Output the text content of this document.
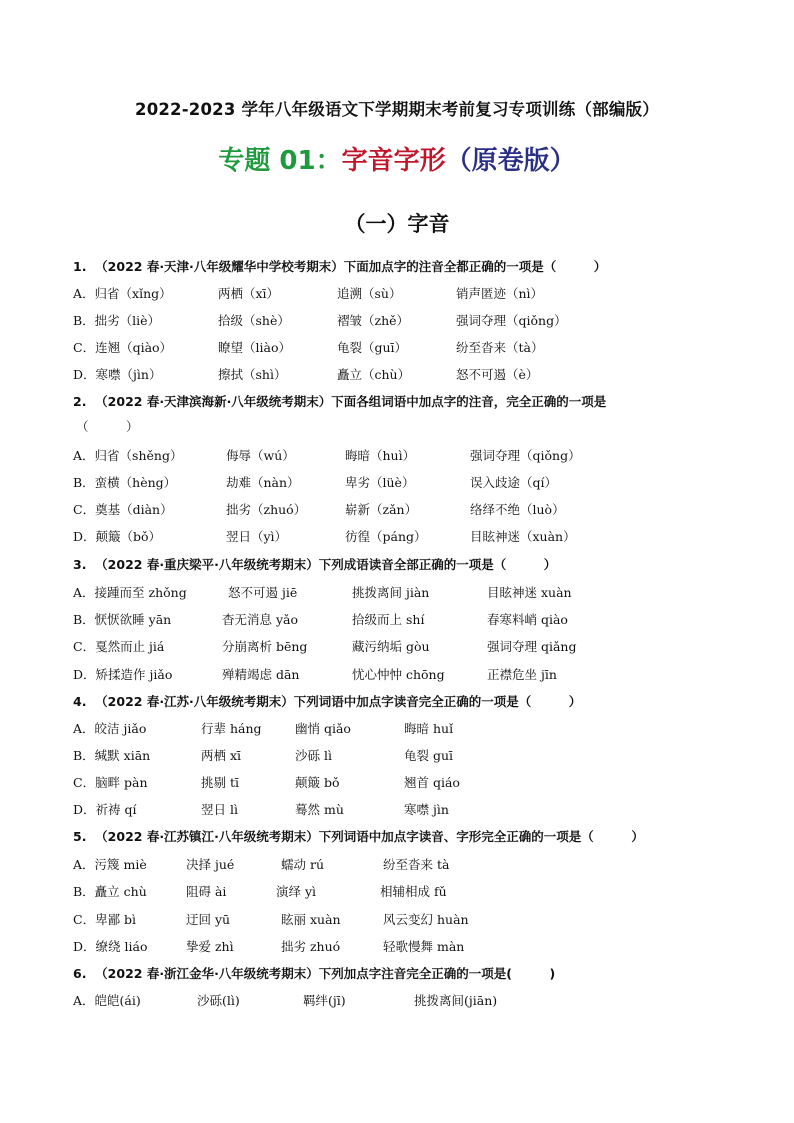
2022-2023 学年八年级语文下学期期末考前复习专项训练（部编版）
专题 01：字音字形（原卷版）
（一）字音
1. （2022 春·天津·八年级耀华中学校考期末）下面加点字的注音全都正确的一项是（　　　）
A．归省（xǐng）	两栖（xī）	追溯（sù）	销声匿迹（nì）
B．拙劣（liè）	拾级（shè）	褶皱（zhě）	强词夺理（qiǒng）
C．连翘（qiào）	瞭望（liào）	龟裂（guī）	纷至沓来（tà）
D．寒噤（jìn）	擦拭（shì）	矗立（chù）	怒不可遏（è）
2. （2022 春·天津滨海新·八年级统考期末）下面各组词语中加点字的注音，完全正确的一项是
（　　　）
A．归省（shěng）	侮辱（wú）	晦暗（huì）	强词夺理（qiǒng）
B．蛮横（hèng）	劫难（nàn）	卑劣（lüè）	误入歧途（qí）
C．奠基（diàn）	拙劣（zhuó）	崭新（zǎn）	络绎不绝（luò）
D．颠簸（bǒ）	翌日（yì）	彷徨（páng）	目眩神迷（xuàn）
3. （2022 春·重庆梁平·八年级统考期末）下列成语读音全部正确的一项是（　　　）
A．接踵而至 zhǒng	怒不可遏 jiē	挑拨离间 jiàn	目眩神迷 xuàn
B．恹恹欲睡 yān	杳无消息 yǎo	拾级而上 shí	春寒料峭 qiào
C．戛然而止 jiá	分崩离析 bēng	藏污纳垢 gòu	强词夺理 qiǎng
D．矫揉造作 jiǎo	殚精竭虑 dān	忧心忡忡 chōng	正襟危坐 jīn
4. （2022 春·江苏·八年级统考期末）下列词语中加点字读音完全正确的一项是（　　　）
A．皎洁 jiǎo	行辈 háng	幽悄 qiǎo	晦暗 huǐ
B．缄默 xiān	两栖 xī	沙砾 lì	龟裂 guī
C．脑畔 pàn	挑剔 tī	颠簸 bǒ	翘首 qiáo
D．祈祷 qí	翌日 lì	蓦然 mù	寒噤 jìn
5. （2022 春·江苏镇江·八年级统考期末）下列词语中加点字读音、字形完全正确的一项是（　　　）
A．污篾 miè	决择 jué	蠕动 rú	纷至沓来 tà
B．矗立 chù	阻碍 ài	演绎 yì	相辅相成 fǔ
C．卑鄙 bì	迂回 yū	眩丽 xuàn	风云变幻 huàn
D．缭绕 liáo	挚爱 zhì	拙劣 zhuó	轻歌慢舞 màn
6. （2022 春·浙江金华·八年级统考期末）下列加点字注音完全正确的一项是(　　　)
A．皑皑(ái)	沙砾(lì)	羁绊(jī)	挑拨离间(jiān)
